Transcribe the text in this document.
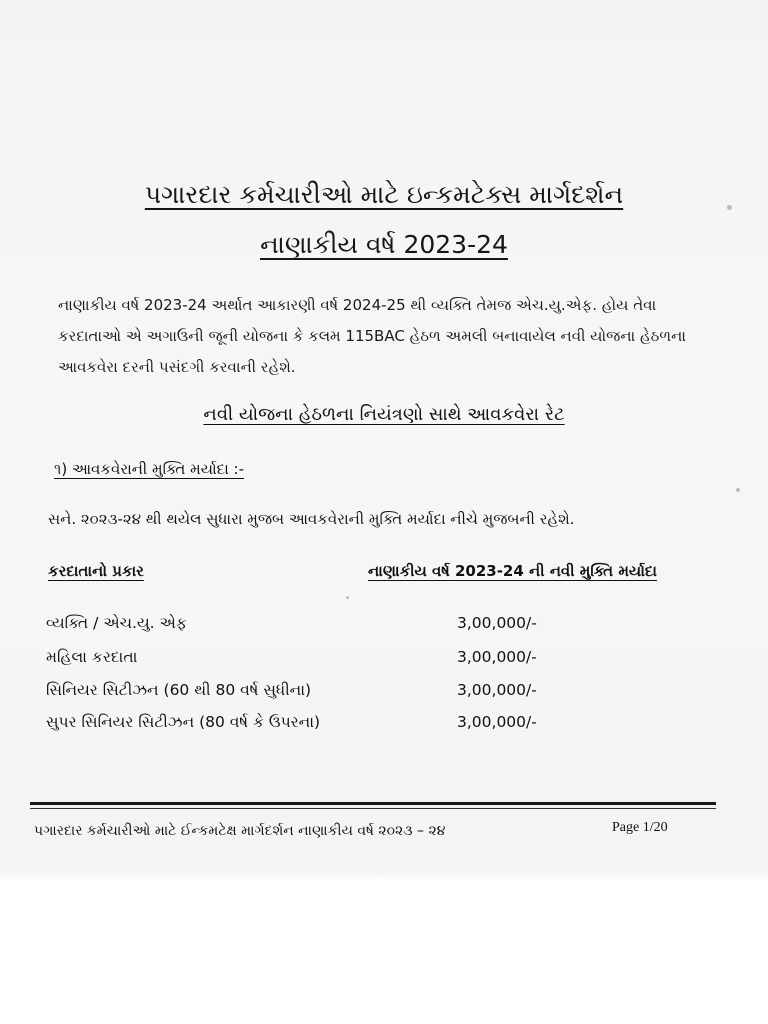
પગારદાર કર્મચારીઓ માટે ઇન્કમટેક્સ માર્ગદર્શન
નાણાકીય વર્ષ 2023-24
નાણાકીય વર્ષ 2023-24 અર્થાત આકારણી વર્ષ 2024-25 થી વ્યક્તિ તેમજ એચ.યુ.એફ. હોય તેવા કરદાતાઓ એ અગાઉની જૂની યોજના કે કલમ 115BAC હેઠળ અમલી બનાવાયેલ નવી યોજના હેઠળના આવકવેરા દરની પસંદગી કરવાની રહેશે.
નવી યોજના હેઠળના નિયંત્રણો સાથે આવકવેરા રેટ
૧) આવકવેરાની મુક્તિ મર્યાદા :-
સને. ૨૦૨૩-૨૪ થી થયેલ સુધારા મુજબ આવકવેરાની મુક્તિ મર્યાદા નીચે મુજબની રહેશે.
કરદાતાનો પ્રકાર	નાણાકીય વર્ષ 2023-24 ની નવી મુક્તિ મર્યાદા
વ્યક્તિ / એચ.યુ. એફ	3,00,000/-
મહિલા કરદાતા	3,00,000/-
સિનિયર સિટીઝન (60 થી 80 વર્ષ સુધીના)	3,00,000/-
સુપર સિનિયર સિટીઝન (80 વર્ષ કે ઉપરના)	3,00,000/-
પગારદાર કર્મચારીઓ માટે ઈન્કમટેક્ષ માર્ગદર્શન નાણાકીય વર્ષ ૨૦૨૩ – ૨૪	Page 1/20
